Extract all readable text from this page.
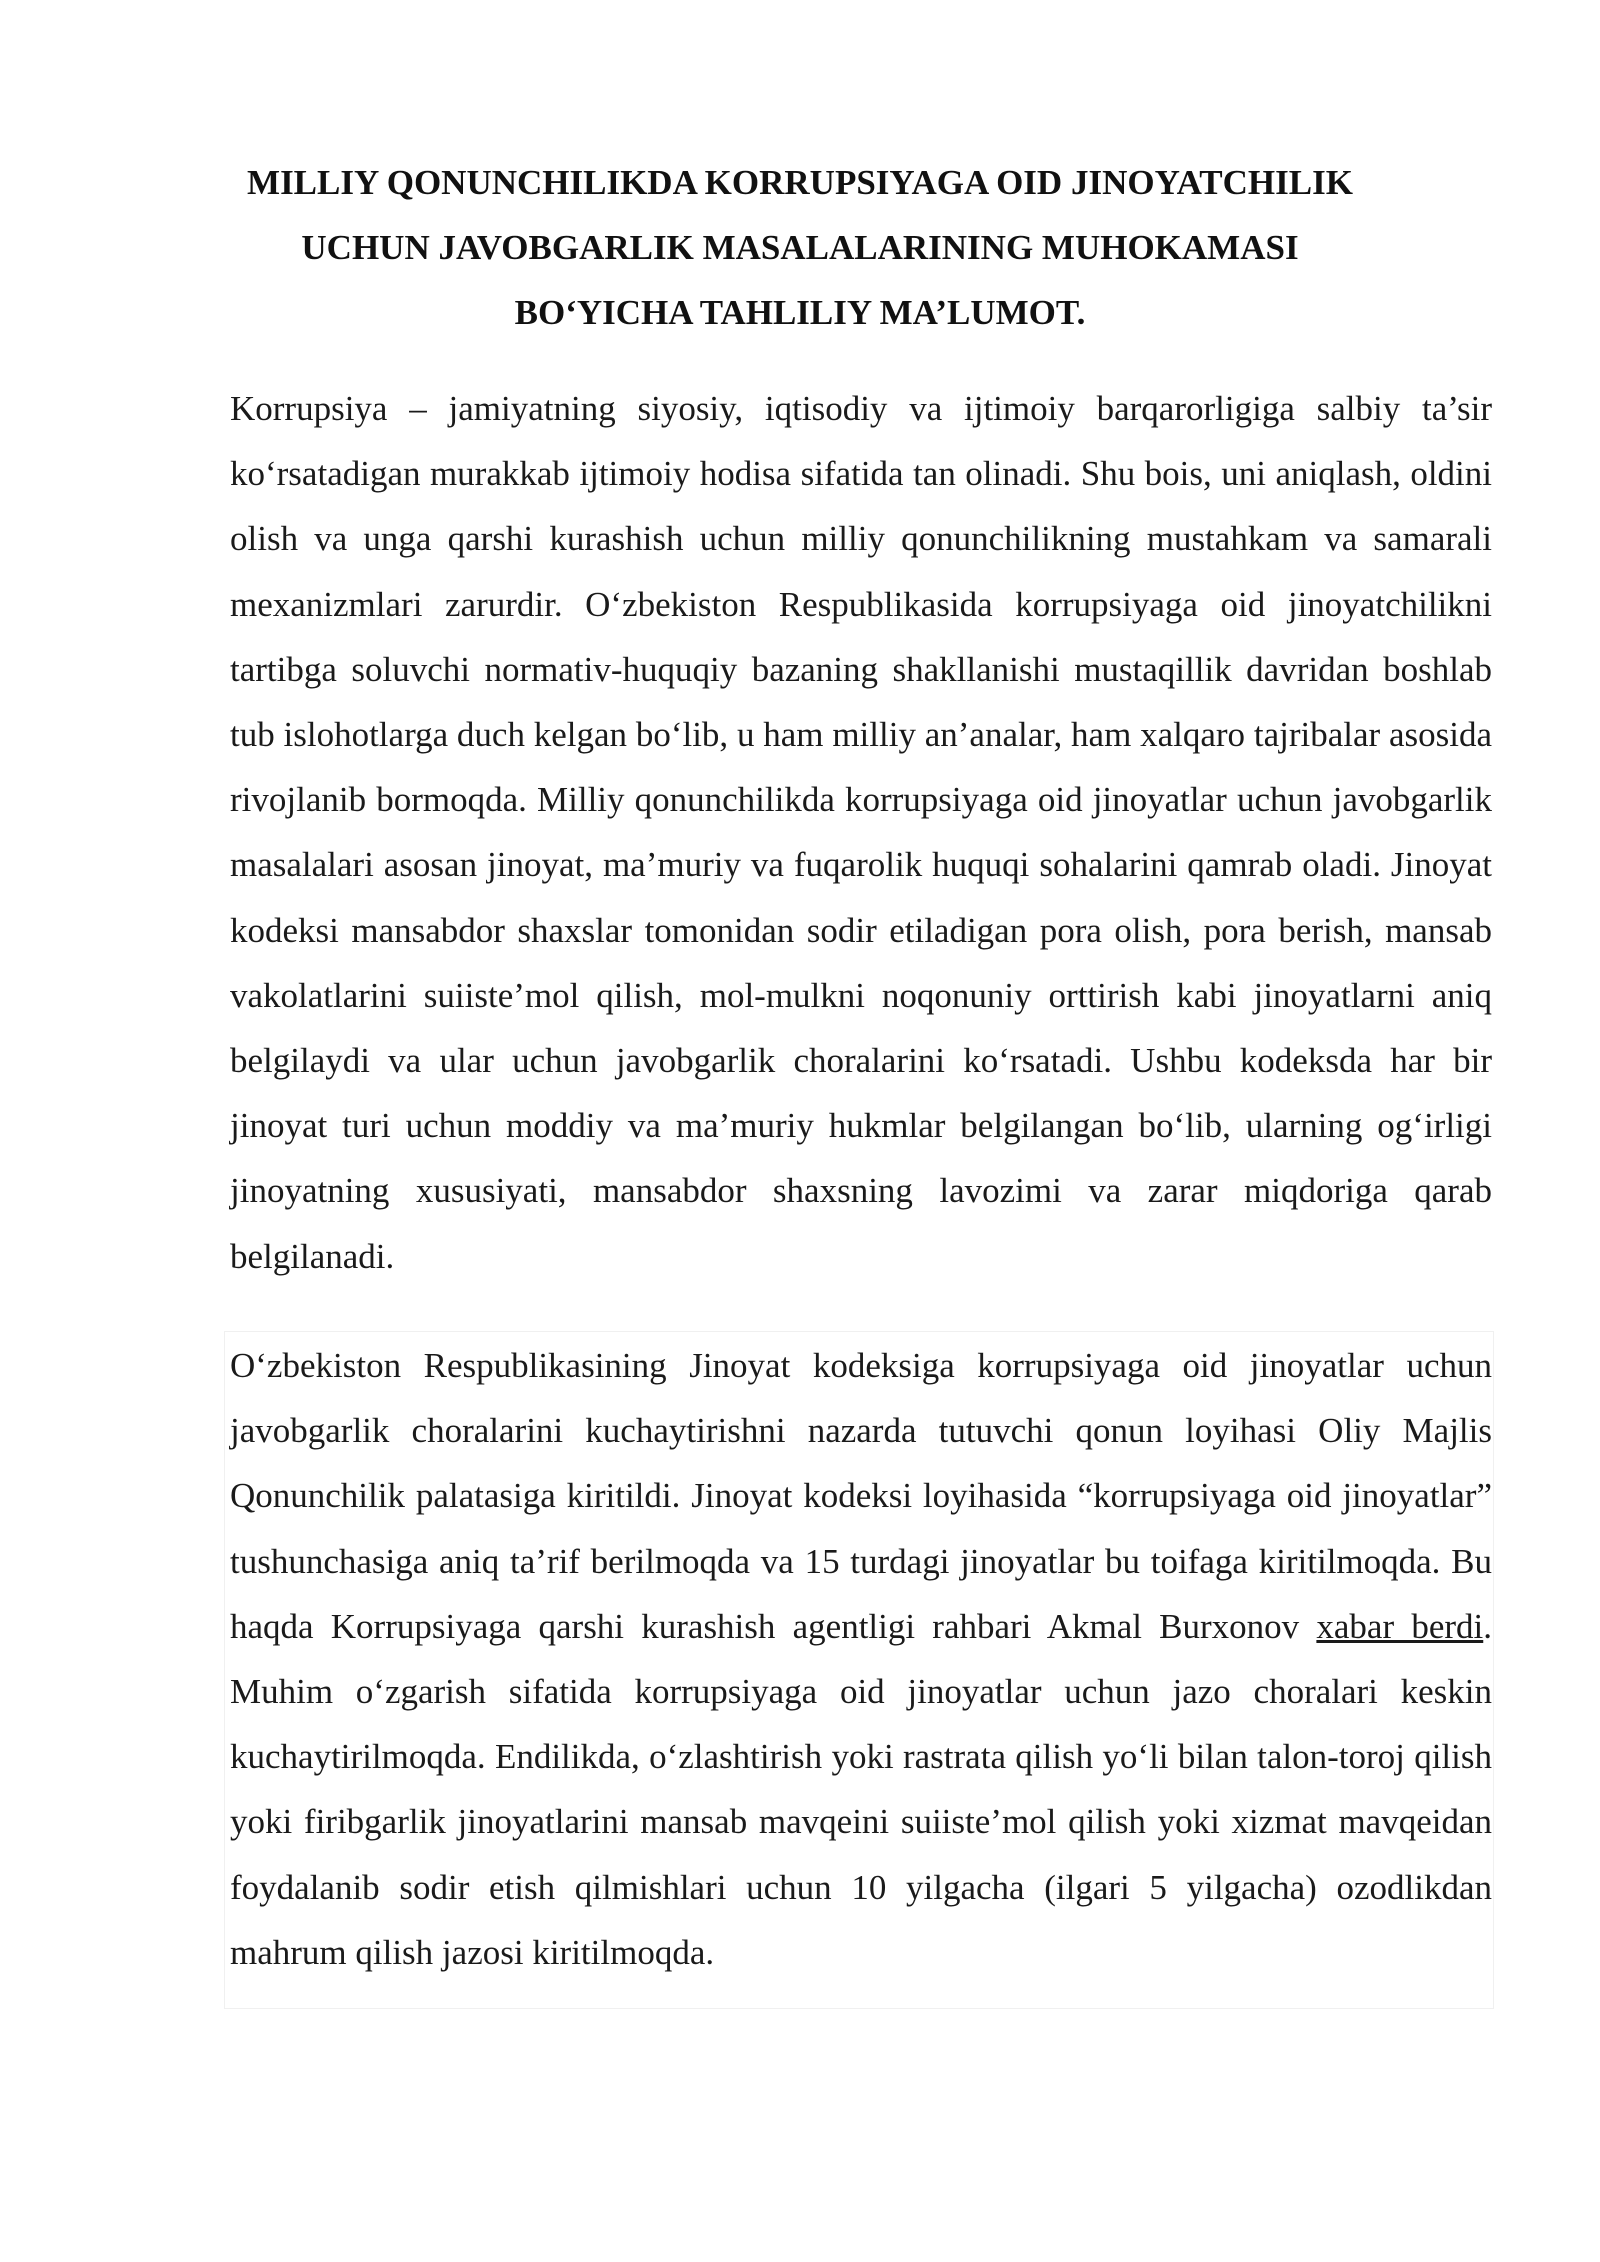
MILLIY QONUNCHILIKDA KORRUPSIYAGA OID JINOYATCHILIK
UCHUN JAVOBGARLIK MASALALARINING MUHOKAMASI
BO‘YICHA TAHLILIY MA’LUMOT.

Korrupsiya – jamiyatning siyosiy, iqtisodiy va ijtimoiy barqarorligiga salbiy ta’sir ko‘rsatadigan murakkab ijtimoiy hodisa sifatida tan olinadi. Shu bois, uni aniqlash, oldini olish va unga qarshi kurashish uchun milliy qonunchilikning mustahkam va samarali mexanizmlari zarurdir. O‘zbekiston Respublikasida korrupsiyaga oid jinoyatchilikni tartibga soluvchi normativ-huquqiy bazaning shakllanishi mustaqillik davridan boshlab tub islohotlarga duch kelgan bo‘lib, u ham milliy an’analar, ham xalqaro tajribalar asosida rivojlanib bormoqda. Milliy qonunchilikda korrupsiyaga oid jinoyatlar uchun javobgarlik masalalari asosan jinoyat, ma’muriy va fuqarolik huquqi sohalarini qamrab oladi. Jinoyat kodeksi mansabdor shaxslar tomonidan sodir etiladigan pora olish, pora berish, mansab vakolatlarini suiiste’mol qilish, mol-mulkni noqonuniy orttirish kabi jinoyatlarni aniq belgilaydi va ular uchun javobgarlik choralarini ko‘rsatadi. Ushbu kodeksda har bir jinoyat turi uchun moddiy va ma’muriy hukmlar belgilangan bo‘lib, ularning og‘irligi jinoyatning xususiyati, mansabdor shaxsning lavozimi va zarar miqdoriga qarab belgilanadi.

O‘zbekiston Respublikasining Jinoyat kodeksiga korrupsiyaga oid jinoyatlar uchun javobgarlik choralarini kuchaytirishni nazarda tutuvchi qonun loyihasi Oliy Majlis Qonunchilik palatasiga kiritildi. Jinoyat kodeksi loyihasida “korrupsiyaga oid jinoyatlar” tushunchasiga aniq ta’rif berilmoqda va 15 turdagi jinoyatlar bu toifaga kiritilmoqda. Bu haqda Korrupsiyaga qarshi kurashish agentligi rahbari Akmal Burxonov xabar berdi. Muhim o‘zgarish sifatida korrupsiyaga oid jinoyatlar uchun jazo choralari keskin kuchaytirilmoqda. Endilikda, o‘zlashtirish yoki rastrata qilish yo‘li bilan talon-toroj qilish yoki firibgarlik jinoyatlarini mansab mavqeini suiiste’mol qilish yoki xizmat mavqeidan foydalanib sodir etish qilmishlari uchun 10 yilgacha (ilgari 5 yilgacha) ozodlikdan mahrum qilish jazosi kiritilmoqda.
